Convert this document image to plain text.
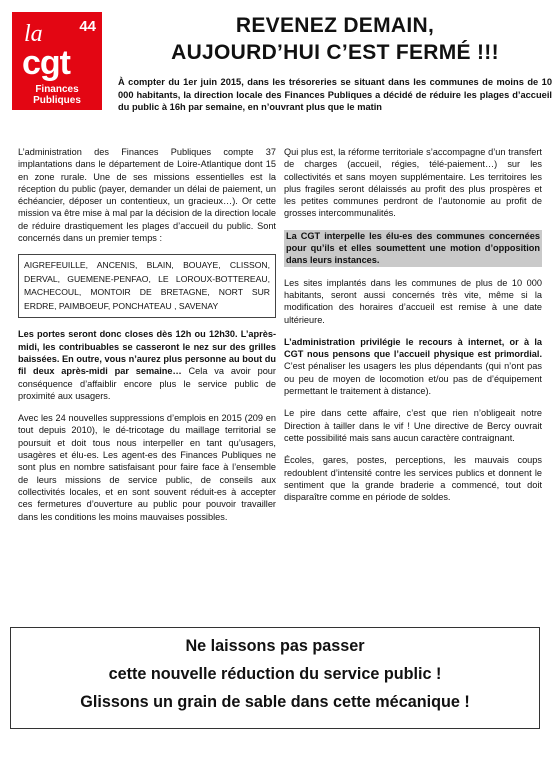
la 44
cgt
Finances
Publiques
REVENEZ DEMAIN,
AUJOURD’HUI C’EST FERMÉ !!!
À compter du 1er juin 2015, dans les trésoreries se situant dans les communes de moins de 10 000 habitants, la direction locale des Finances Publiques a décidé de réduire les plages d’accueil du public à 16h par semaine, en n’ouvrant plus que le matin

L’administration des Finances Publiques compte 37 implantations dans le département de Loire-Atlantique dont 15 en zone rurale. Une de ses missions essentielles est la réception du public (payer, demander un délai de paiement, un échéancier, déposer un contentieux, un gracieux…). Or cette mission va être mise à mal par la décision de la direction locale de réduire drastiquement les plages d’accueil du public. Sont concernés dans un premier temps :

AIGREFEUILLE, ANCENIS, BLAIN, BOUAYE, CLISSON, DERVAL, GUEMENE-PENFAO, LE LOROUX-BOTTEREAU, MACHECOUL, MONTOIR DE BRETAGNE, NORT SUR ERDRE, PAIMBOEUF, PONCHATEAU , SAVENAY

Les portes seront donc closes dès 12h ou 12h30. L’après-midi, les contribuables se casseront le nez sur des grilles baissées. En outre, vous n’aurez plus personne au bout du fil deux après-midi par semaine… Cela va avoir pour conséquence d’affaiblir encore plus le service public de proximité aux usagers.

Avec les 24 nouvelles suppressions d’emplois en 2015 (209 en tout depuis 2010), le dé-tricotage du maillage territorial se poursuit et doit tous nous interpeller en tant qu’usagers, usagères et élu-es. Les agent-es des Finances Publiques ne sont plus en nombre satisfaisant pour faire face à l’ensemble de leurs missions de service public, de conseils aux collectivités locales, et en sont souvent réduit-es à accepter ces fermetures d’ouverture au public pour pouvoir travailler dans les conditions les moins mauvaises possibles.

Qui plus est, la réforme territoriale s’accompagne d’un transfert de charges (accueil, régies, télé-paiement…) sur les collectivités et sans moyen supplémentaire. Les territoires les plus fragiles seront délaissés au profit des plus prospères et les petites communes perdront de l’autonomie au profit de grosses intercommunalités.

La CGT interpelle les élu-es des communes concernées pour qu’ils et elles soumettent une motion d’opposition dans leurs instances.

Les sites implantés dans les communes de plus de 10 000 habitants, seront aussi concernés très vite, même si la modification des horaires d’accueil est remise à une date ultérieure.

L’administration privilégie le recours à internet, or à la CGT nous pensons que l’accueil physique est primordial. C’est pénaliser les usagers les plus dépendants (qui n’ont pas ou peu de moyen de locomotion et/ou pas de d’équipement permettant le traitement à distance).

Le pire dans cette affaire, c’est que rien n’obligeait notre Direction à tailler dans le vif ! Une directive de Bercy ouvrait cette possibilité mais sans aucun caractère contraignant.

Écoles, gares, postes, perceptions, les mauvais coups redoublent d’intensité contre les services publics et donnent le sentiment que la grande braderie a commencé, tout doit disparaître comme en période de soldes.

Ne laissons pas passer
cette nouvelle réduction du service public !
Glissons un grain de sable dans cette mécanique !
